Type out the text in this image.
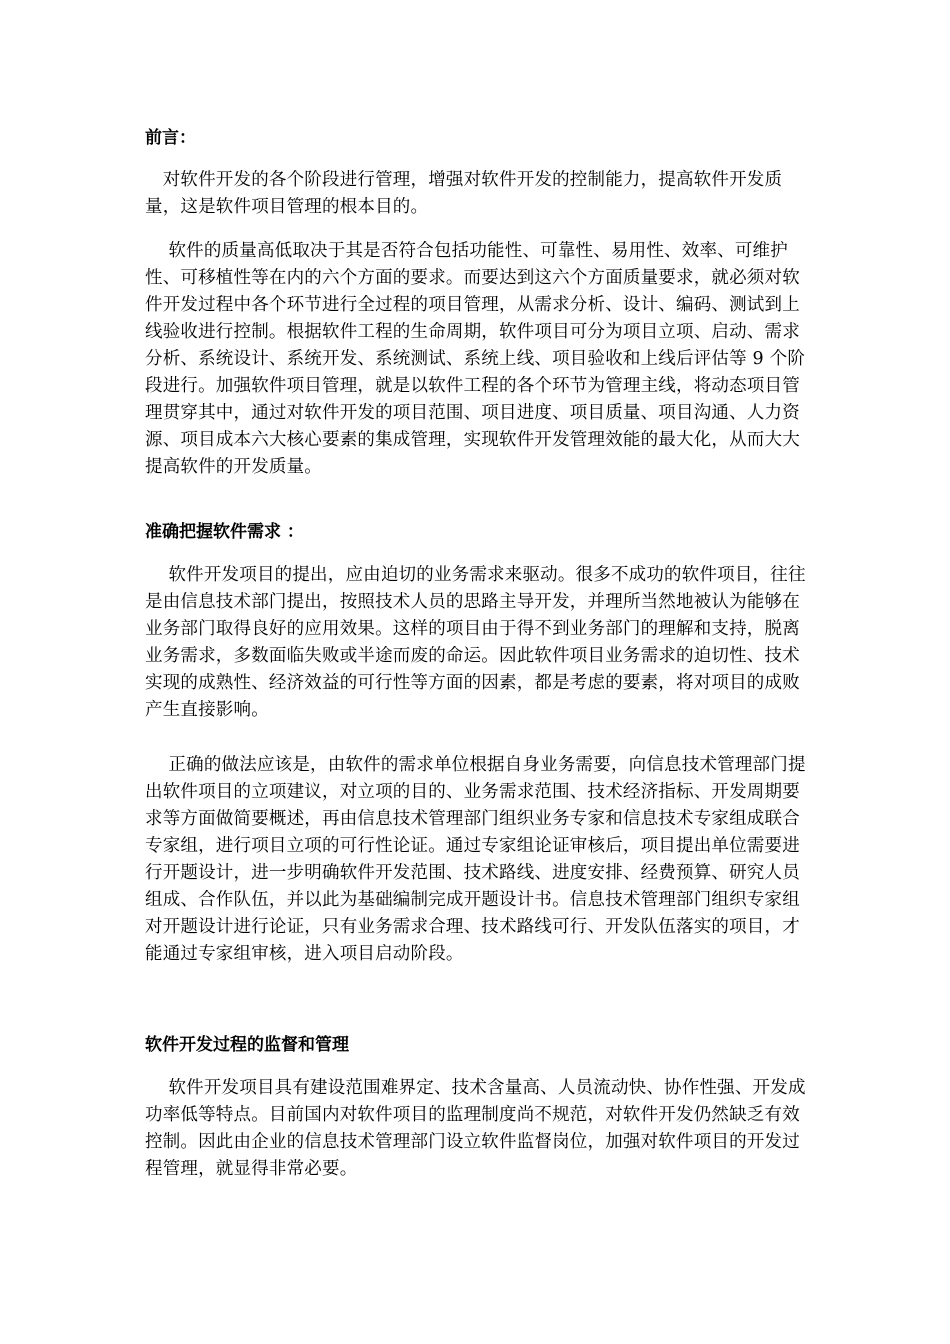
前言：

　对软件开发的各个阶段进行管理，增强对软件开发的控制能力，提高软件开发质量，这是软件项目管理的根本目的。

　 软件的质量高低取决于其是否符合包括功能性、可靠性、易用性、效率、可维护性、可移植性等在内的六个方面的要求。而要达到这六个方面质量要求，就必须对软件开发过程中各个环节进行全过程的项目管理，从需求分析、设计、编码、测试到上线验收进行控制。根据软件工程的生命周期，软件项目可分为项目立项、启动、需求分析、系统设计、系统开发、系统测试、系统上线、项目验收和上线后评估等 9 个阶段进行。加强软件项目管理，就是以软件工程的各个环节为管理主线，将动态项目管理贯穿其中，通过对软件开发的项目范围、项目进度、项目质量、项目沟通、人力资源、项目成本六大核心要素的集成管理，实现软件开发管理效能的最大化，从而大大提高软件的开发质量。

准确把握软件需求 ：

　 软件开发项目的提出，应由迫切的业务需求来驱动。很多不成功的软件项目，往往是由信息技术部门提出，按照技术人员的思路主导开发，并理所当然地被认为能够在业务部门取得良好的应用效果。这样的项目由于得不到业务部门的理解和支持，脱离业务需求，多数面临失败或半途而废的命运。因此软件项目业务需求的迫切性、技术实现的成熟性、经济效益的可行性等方面的因素，都是考虑的要素，将对项目的成败产生直接影响。

　 正确的做法应该是，由软件的需求单位根据自身业务需要，向信息技术管理部门提出软件项目的立项建议，对立项的目的、业务需求范围、技术经济指标、开发周期要求等方面做简要概述，再由信息技术管理部门组织业务专家和信息技术专家组成联合专家组，进行项目立项的可行性论证。通过专家组论证审核后，项目提出单位需要进行开题设计，进一步明确软件开发范围、技术路线、进度安排、经费预算、研究人员组成、合作队伍，并以此为基础编制完成开题设计书。信息技术管理部门组织专家组对开题设计进行论证，只有业务需求合理、技术路线可行、开发队伍落实的项目，才能通过专家组审核，进入项目启动阶段。

软件开发过程的监督和管理

　 软件开发项目具有建设范围难界定、技术含量高、人员流动快、协作性强、开发成功率低等特点。目前国内对软件项目的监理制度尚不规范，对软件开发仍然缺乏有效控制。因此由企业的信息技术管理部门设立软件监督岗位，加强对软件项目的开发过程管理，就显得非常必要。
